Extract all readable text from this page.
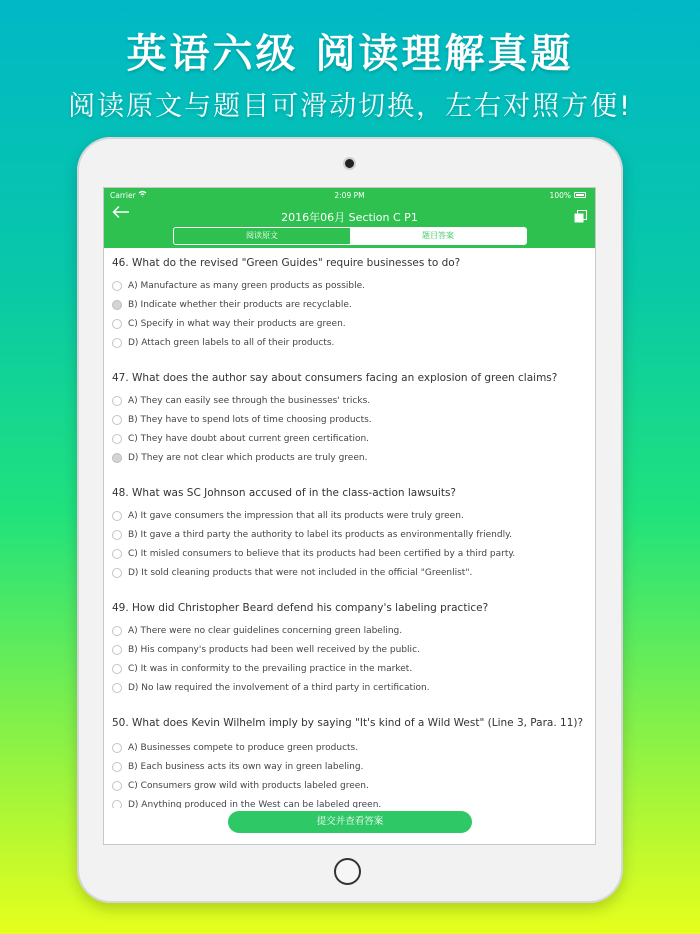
英语六级 阅读理解真题
阅读原文与题目可滑动切换，左右对照方便!
Carrier	2:09 PM	100%
2016年06月 Section C P1
阅读原文	题目答案
46. What do the revised "Green Guides" require businesses to do?
A) Manufacture as many green products as possible.
B) Indicate whether their products are recyclable.
C) Specify in what way their products are green.
D) Attach green labels to all of their products.
47. What does the author say about consumers facing an explosion of green claims?
A) They can easily see through the businesses' tricks.
B) They have to spend lots of time choosing products.
C) They have doubt about current green certification.
D) They are not clear which products are truly green.
48. What was SC Johnson accused of in the class-action lawsuits?
A) It gave consumers the impression that all its products were truly green.
B) It gave a third party the authority to label its products as environmentally friendly.
C) It misled consumers to believe that its products had been certified by a third party.
D) It sold cleaning products that were not included in the official "Greenlist".
49. How did Christopher Beard defend his company's labeling practice?
A) There were no clear guidelines concerning green labeling.
B) His company's products had been well received by the public.
C) It was in conformity to the prevailing practice in the market.
D) No law required the involvement of a third party in certification.
50. What does Kevin Wilhelm imply by saying "It's kind of a Wild West" (Line 3, Para. 11)?
A) Businesses compete to produce green products.
B) Each business acts its own way in green labeling.
C) Consumers grow wild with products labeled green.
D) Anything produced in the West can be labeled green.
提交并查看答案
